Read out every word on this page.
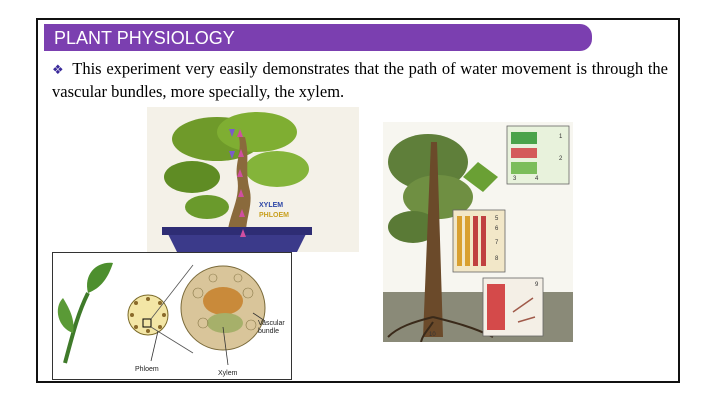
PLANT PHYSIOLOGY
❖ This experiment very easily demonstrates that the path of water movement is through the vascular bundles, more specially, the xylem.
XYLEM
PHLOEM
Vascular bundle
Phloem
Xylem
1
2
3	4
5
6
7
8
9
10
